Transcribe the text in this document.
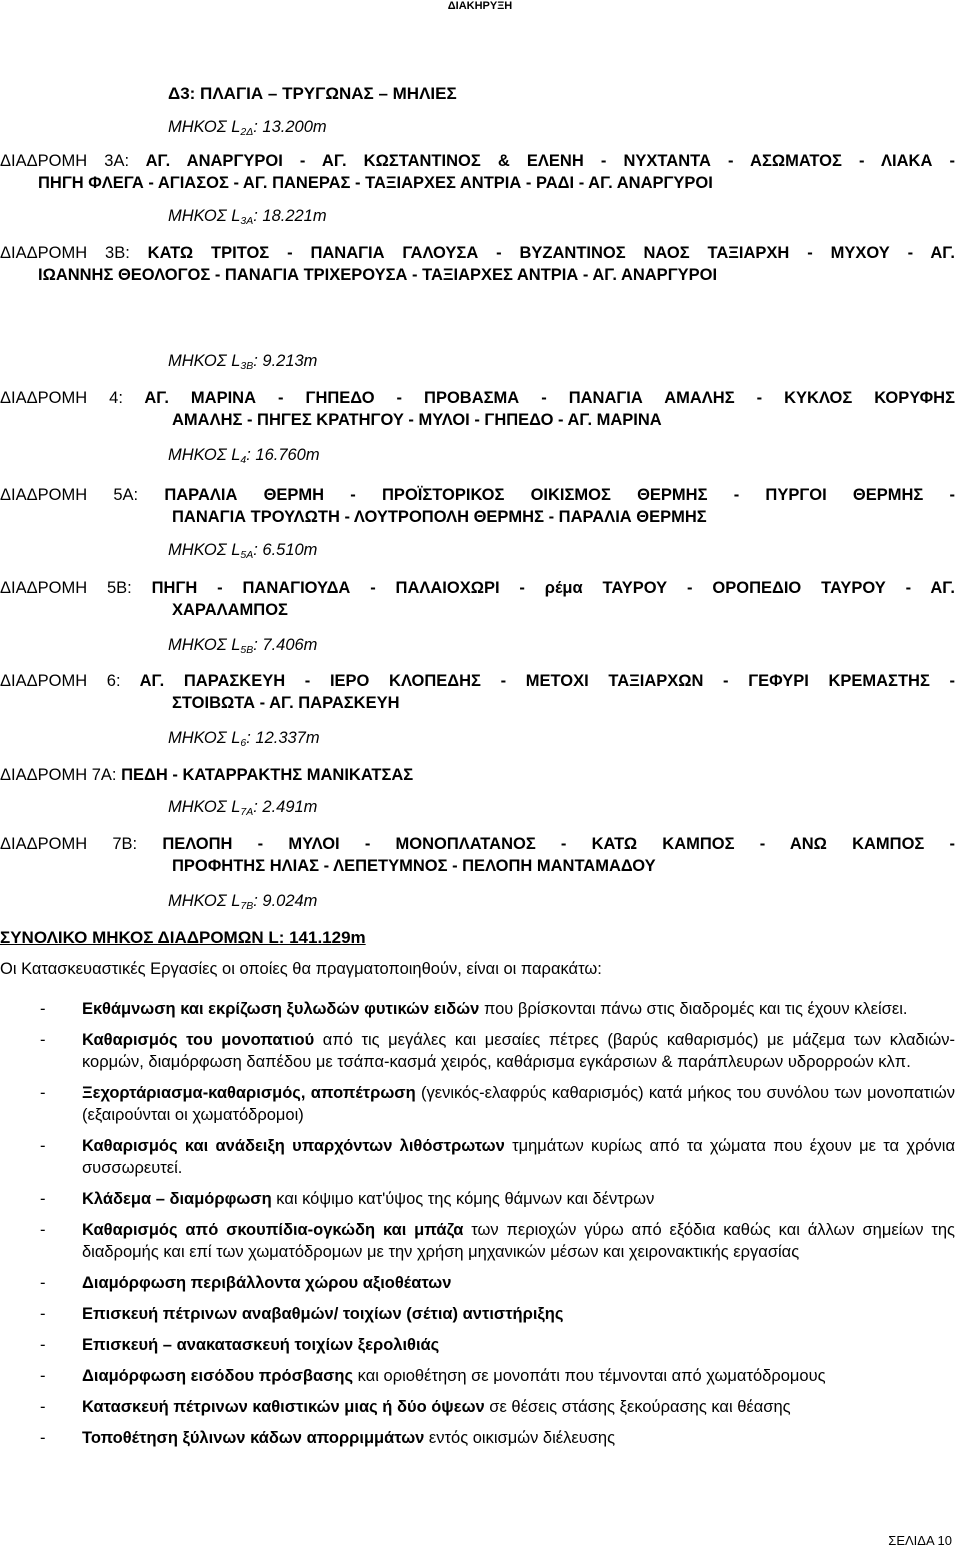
ΔΙΑΚΗΡΥΞΗ
Δ3: ΠΛΑΓΙΑ – ΤΡΥΓΩΝΑΣ – ΜΗΛΙΕΣ
ΜΗΚΟΣ $L_{2\Delta}$: 13.200m
ΔΙΑΔΡΟΜΗ 3Α: ΑΓ. ΑΝΑΡΓΥΡΟΙ - ΑΓ. ΚΩΣΤΑΝΤΙΝΟΣ & ΕΛΕΝΗ - ΝΥΧΤΑΝΤΑ - ΑΣΩΜΑΤΟΣ - ΛΙΑΚΑ -
ΠΗΓΗ ΦΛΕΓΑ - ΑΓΙΑΣΟΣ - ΑΓ. ΠΑΝΕΡΑΣ - ΤΑΞΙΑΡΧΕΣ ΑΝΤΡΙΑ - ΡΑΔΙ - ΑΓ. ΑΝΑΡΓΥΡΟΙ
ΜΗΚΟΣ $L_{3A}$: 18.221m
ΔΙΑΔΡΟΜΗ 3Β: ΚΑΤΩ ΤΡΙΤΟΣ - ΠΑΝΑΓΙΑ ΓΑΛΟΥΣΑ - ΒΥΖΑΝΤΙΝΟΣ ΝΑΟΣ ΤΑΞΙΑΡΧΗ - ΜΥΧΟΥ - ΑΓ.
ΙΩΑΝΝΗΣ ΘΕΟΛΟΓΟΣ - ΠΑΝΑΓΙΑ ΤΡΙΧΕΡΟΥΣΑ - ΤΑΞΙΑΡΧΕΣ ΑΝΤΡΙΑ - ΑΓ. ΑΝΑΡΓΥΡΟΙ
ΜΗΚΟΣ $L_{3B}$: 9.213m
ΔΙΑΔΡΟΜΗ 4: ΑΓ. ΜΑΡΙΝΑ - ΓΗΠΕΔΟ - ΠΡΟΒΑΣΜΑ - ΠΑΝΑΓΙΑ ΑΜΑΛΗΣ - ΚΥΚΛΟΣ ΚΟΡΥΦΗΣ
ΑΜΑΛΗΣ - ΠΗΓΕΣ ΚΡΑΤΗΓΟΥ - ΜΥΛΟΙ - ΓΗΠΕΔΟ - ΑΓ. ΜΑΡΙΝΑ
ΜΗΚΟΣ $L_4$: 16.760m
ΔΙΑΔΡΟΜΗ 5Α: ΠΑΡΑΛΙΑ ΘΕΡΜΗ - ΠΡΟΪΣΤΟΡΙΚΟΣ ΟΙΚΙΣΜΟΣ ΘΕΡΜΗΣ - ΠΥΡΓΟΙ ΘΕΡΜΗΣ -
ΠΑΝΑΓΙΑ ΤΡΟΥΛΩΤΗ - ΛΟΥΤΡΟΠΟΛΗ ΘΕΡΜΗΣ - ΠΑΡΑΛΙΑ ΘΕΡΜΗΣ
ΜΗΚΟΣ $L_{5A}$: 6.510m
ΔΙΑΔΡΟΜΗ 5Β: ΠΗΓΗ - ΠΑΝΑΓΙΟΥΔΑ - ΠΑΛΑΙΟΧΩΡΙ - ρέμα ΤΑΥΡΟΥ - ΟΡΟΠΕΔΙΟ ΤΑΥΡΟΥ - ΑΓ.
ΧΑΡΑΛΑΜΠΟΣ
ΜΗΚΟΣ $L_{5B}$: 7.406m
ΔΙΑΔΡΟΜΗ 6: ΑΓ. ΠΑΡΑΣΚΕΥΗ - ΙΕΡΟ ΚΛΟΠΕΔΗΣ - ΜΕΤΟΧΙ ΤΑΞΙΑΡΧΩΝ - ΓΕΦΥΡΙ ΚΡΕΜΑΣΤΗΣ -
ΣΤΟΙΒΩΤΑ - ΑΓ. ΠΑΡΑΣΚΕΥΗ
ΜΗΚΟΣ $L_6$: 12.337m
ΔΙΑΔΡΟΜΗ 7Α: ΠΕΔΗ - ΚΑΤΑΡΡΑΚΤΗΣ ΜΑΝΙΚΑΤΣΑΣ
ΜΗΚΟΣ $L_{7A}$: 2.491m
ΔΙΑΔΡΟΜΗ 7Β: ΠΕΛΟΠΗ - ΜΥΛΟΙ - ΜΟΝΟΠΛΑΤΑΝΟΣ - ΚΑΤΩ ΚΑΜΠΟΣ - ΑΝΩ ΚΑΜΠΟΣ -
ΠΡΟΦΗΤΗΣ ΗΛΙΑΣ - ΛΕΠΕΤΥΜΝΟΣ - ΠΕΛΟΠΗ ΜΑΝΤΑΜΑΔΟΥ
ΜΗΚΟΣ $L_{7B}$: 9.024m
ΣΥΝΟΛΙΚΟ ΜΗΚΟΣ ΔΙΑΔΡΟΜΩΝ L: 141.129m
Οι Κατασκευαστικές Εργασίες οι οποίες θα πραγματοποιηθούν, είναι οι παρακάτω:
- Εκθάμνωση και εκρίζωση ξυλωδών φυτικών ειδών που βρίσκονται πάνω στις διαδρομές και τις έχουν κλείσει.
- Καθαρισμός του μονοπατιού από τις μεγάλες και μεσαίες πέτρες (βαρύς καθαρισμός) με μάζεμα των κλαδιών-κορμών, διαμόρφωση δαπέδου με τσάπα-κασμά χειρός, καθάρισμα εγκάρσιων & παράπλευρων υδρορροών κλπ.
- Ξεχορτάριασμα-καθαρισμός, αποπέτρωση (γενικός-ελαφρύς καθαρισμός) κατά μήκος του συνόλου των μονοπατιών (εξαιρούνται οι χωματόδρομοι)
- Καθαρισμός και ανάδειξη υπαρχόντων λιθόστρωτων τμημάτων κυρίως από τα χώματα που έχουν με τα χρόνια συσσωρευτεί.
- Κλάδεμα – διαμόρφωση και κόψιμο κατ'ύψος της κόμης θάμνων και δέντρων
- Καθαρισμός από σκουπίδια-ογκώδη και μπάζα των περιοχών γύρω από εξόδια καθώς και άλλων σημείων της διαδρομής και επί των χωματόδρομων με την χρήση μηχανικών μέσων και χειρονακτικής εργασίας
- Διαμόρφωση περιβάλλοντα χώρου αξιοθέατων
- Επισκευή πέτρινων αναβαθμών/ τοιχίων (σέτια) αντιστήριξης
- Επισκευή – ανακατασκευή τοιχίων ξερολιθιάς
- Διαμόρφωση εισόδου πρόσβασης και οριοθέτηση σε μονοπάτι που τέμνονται από χωματόδρομους
- Κατασκευή πέτρινων καθιστικών μιας ή δύο όψεων σε θέσεις στάσης ξεκούρασης και θέασης
- Τοποθέτηση ξύλινων κάδων απορριμμάτων εντός οικισμών διέλευσης
ΣΕΛΙΔΑ 10
